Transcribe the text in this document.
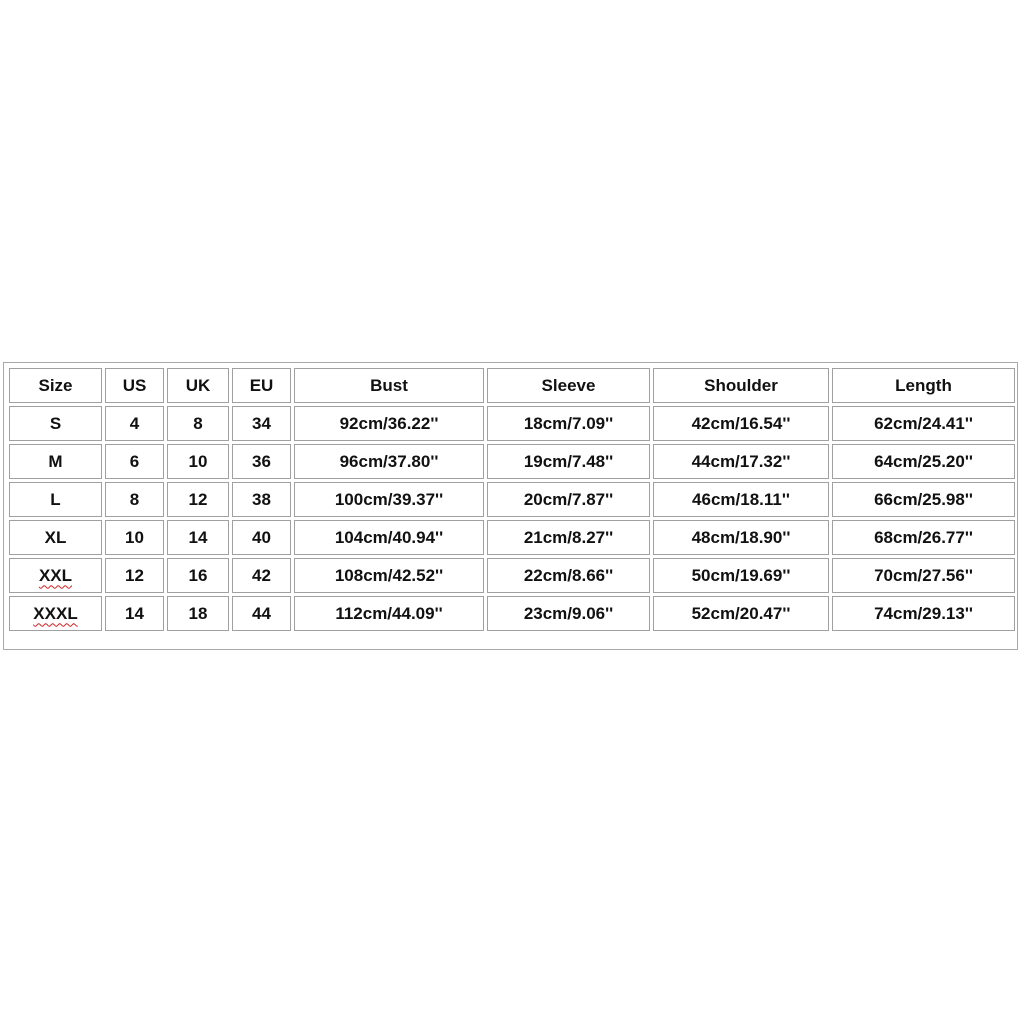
Size	US	UK	EU	Bust	Sleeve	Shoulder	Length
S	4	8	34	92cm/36.22''	18cm/7.09''	42cm/16.54''	62cm/24.41''
M	6	10	36	96cm/37.80''	19cm/7.48''	44cm/17.32''	64cm/25.20''
L	8	12	38	100cm/39.37''	20cm/7.87''	46cm/18.11''	66cm/25.98''
XL	10	14	40	104cm/40.94''	21cm/8.27''	48cm/18.90''	68cm/26.77''
XXL	12	16	42	108cm/42.52''	22cm/8.66''	50cm/19.69''	70cm/27.56''
XXXL	14	18	44	112cm/44.09''	23cm/9.06''	52cm/20.47''	74cm/29.13''
